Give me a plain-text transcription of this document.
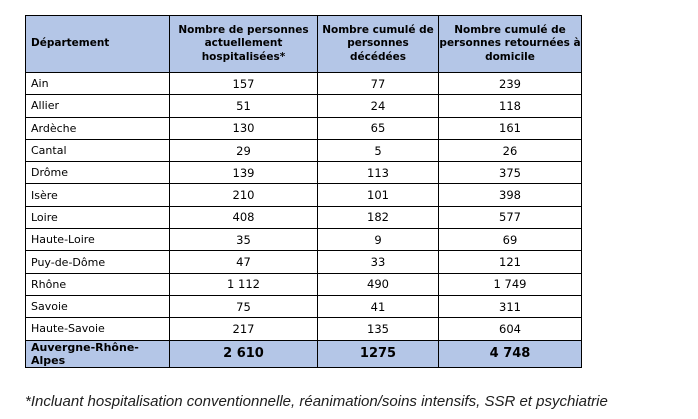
Département	Nombre de personnes actuellement hospitalisées*	Nombre cumulé de personnes décédées	Nombre cumulé de personnes retournées à domicile
Ain	157	77	239
Allier	51	24	118
Ardèche	130	65	161
Cantal	29	5	26
Drôme	139	113	375
Isère	210	101	398
Loire	408	182	577
Haute-Loire	35	9	69
Puy-de-Dôme	47	33	121
Rhône	1 112	490	1 749
Savoie	75	41	311
Haute-Savoie	217	135	604
Auvergne-Rhône-Alpes	2 610	1275	4 748
*Incluant hospitalisation conventionnelle, réanimation/soins intensifs, SSR et psychiatrie
